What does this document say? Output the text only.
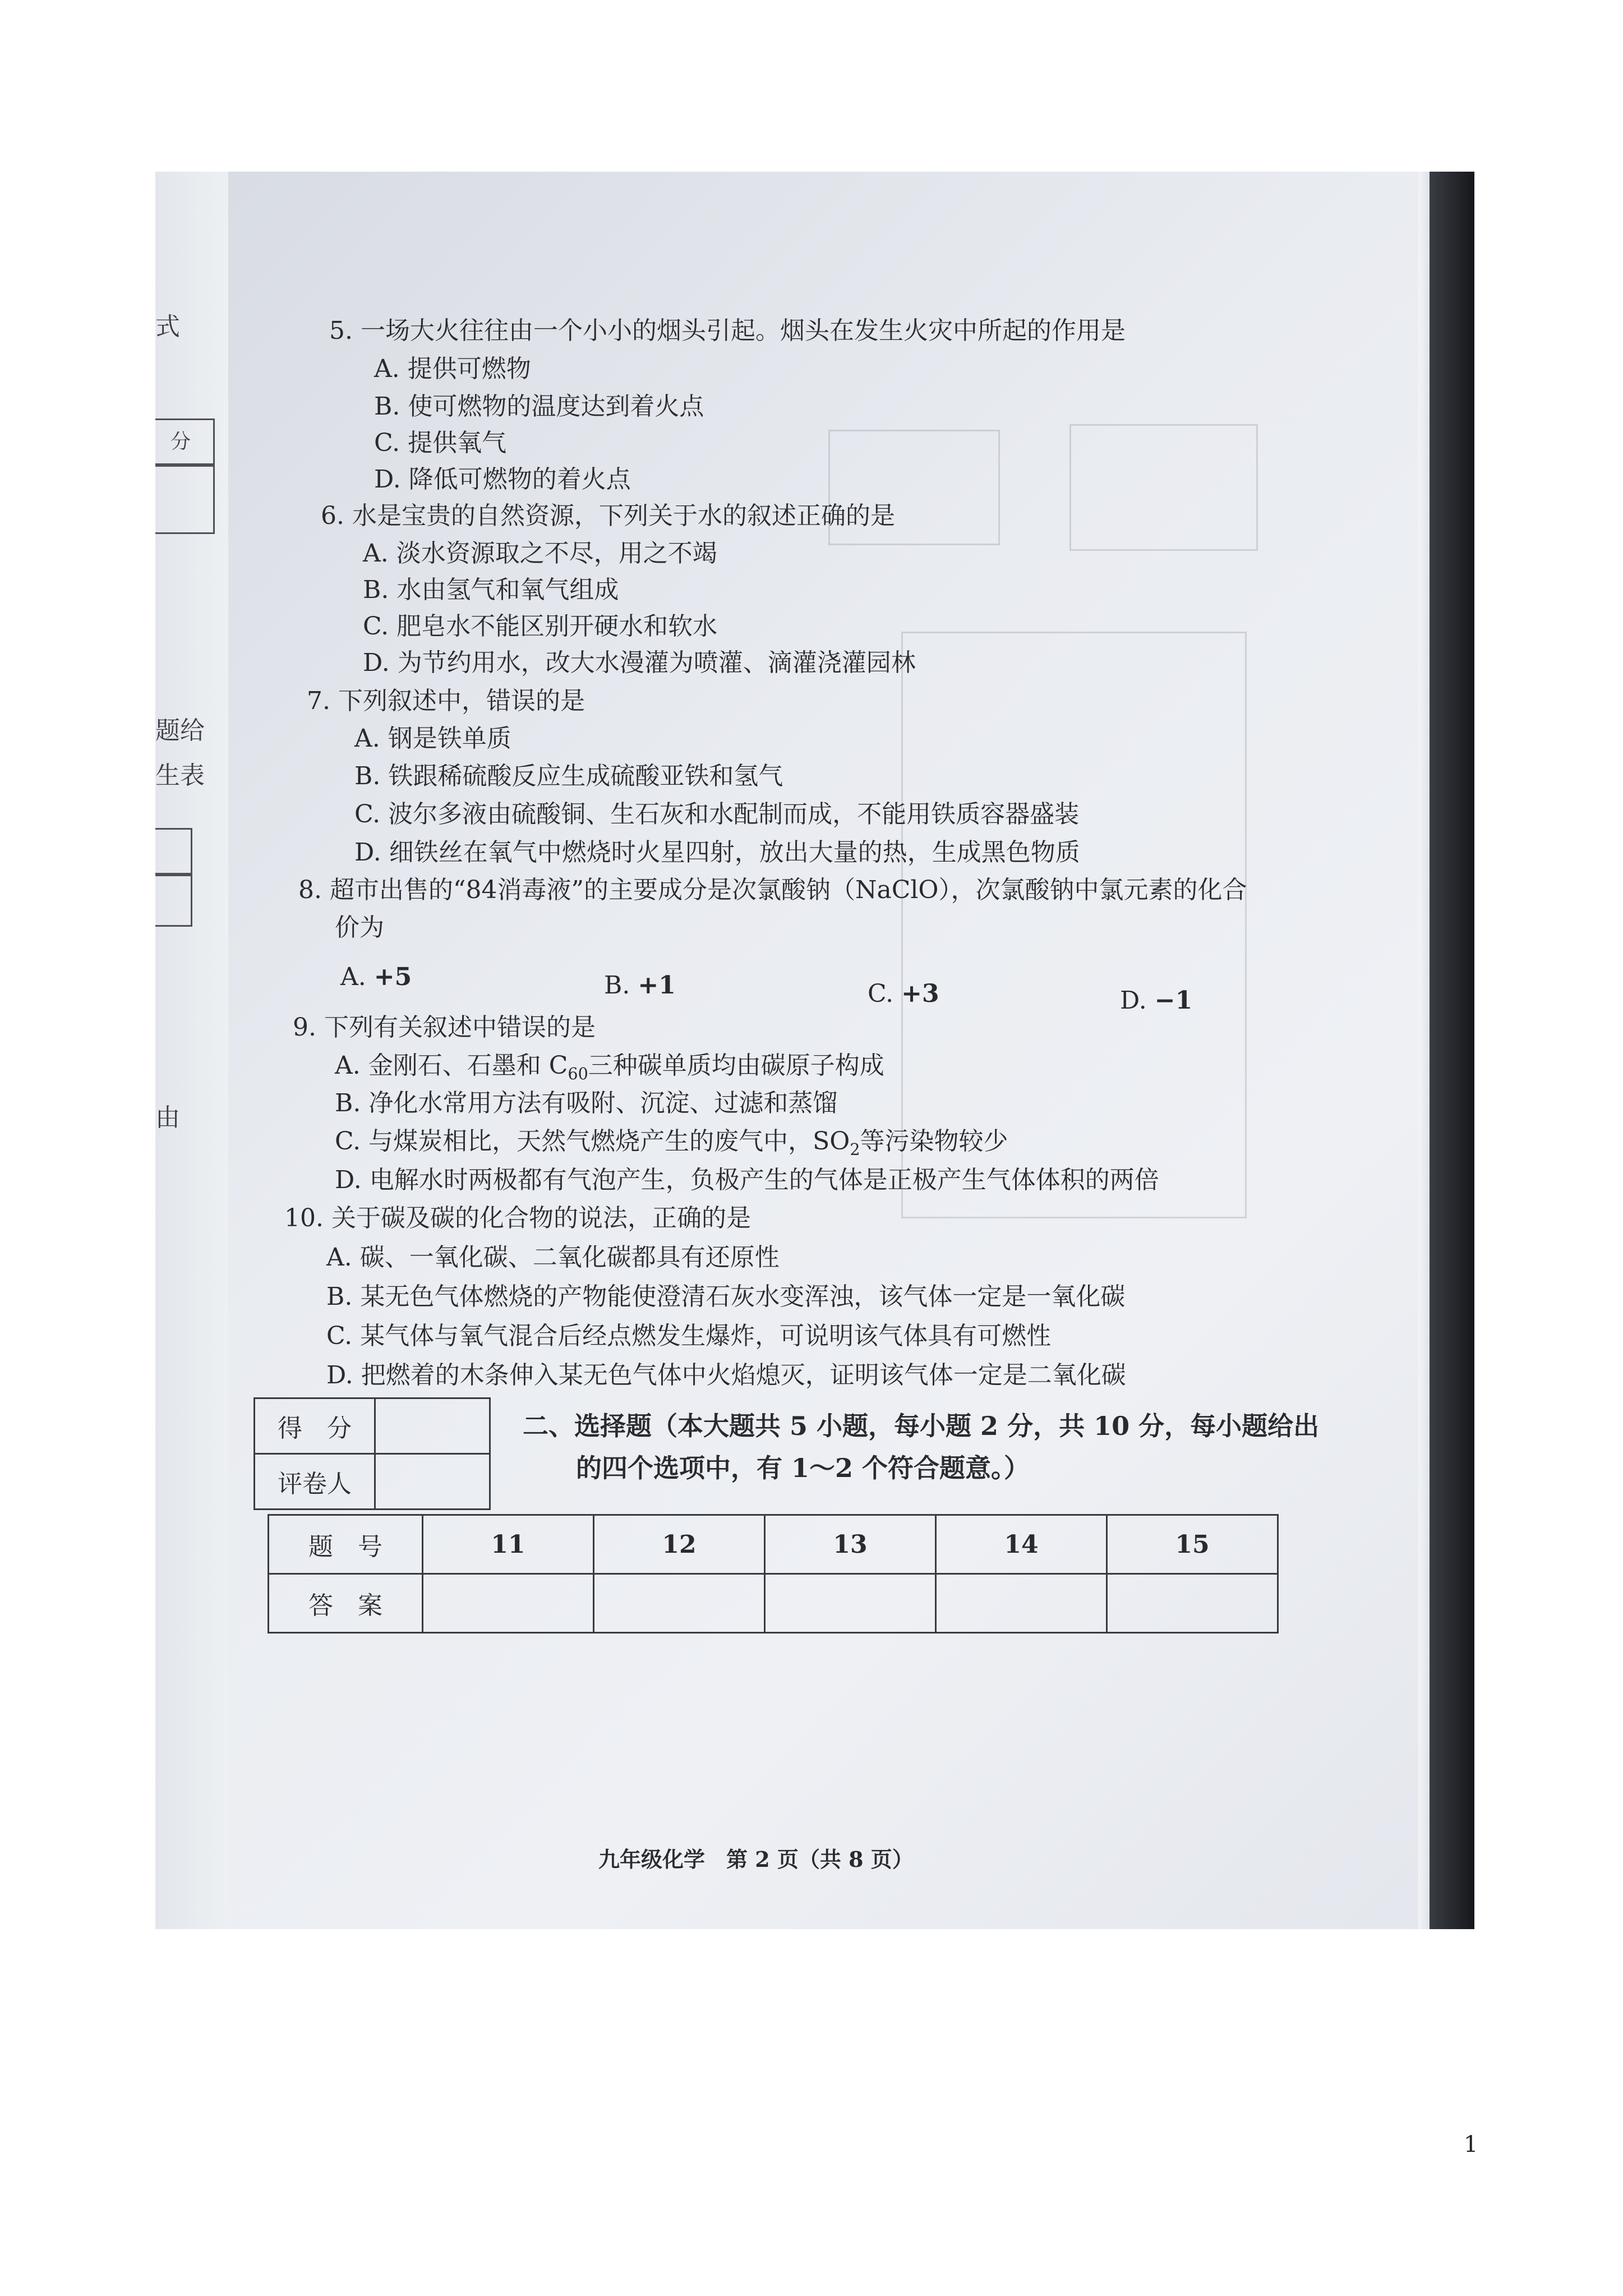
式
分
题给
生表
由
5. 一场大火往往由一个小小的烟头引起。烟头在发生火灾中所起的作用是
A. 提供可燃物
B. 使可燃物的温度达到着火点
C. 提供氧气
D. 降低可燃物的着火点
6. 水是宝贵的自然资源，下列关于水的叙述正确的是
A. 淡水资源取之不尽，用之不竭
B. 水由氢气和氧气组成
C. 肥皂水不能区别开硬水和软水
D. 为节约用水，改大水漫灌为喷灌、滴灌浇灌园林
7. 下列叙述中，错误的是
A. 钢是铁单质
B. 铁跟稀硫酸反应生成硫酸亚铁和氢气
C. 波尔多液由硫酸铜、生石灰和水配制而成，不能用铁质容器盛装
D. 细铁丝在氧气中燃烧时火星四射，放出大量的热，生成黑色物质
8. 超市出售的“84消毒液”的主要成分是次氯酸钠（NaClO），次氯酸钠中氯元素的化合
价为
A. +5	B. +1	C. +3	D. −1
9. 下列有关叙述中错误的是
A. 金刚石、石墨和 $C_{60}$三种碳单质均由碳原子构成
B. 净化水常用方法有吸附、沉淀、过滤和蒸馏
C. 与煤炭相比，天然气燃烧产生的废气中，$SO_2$等污染物较少
D. 电解水时两极都有气泡产生，负极产生的气体是正极产生气体体积的两倍
10. 关于碳及碳的化合物的说法，正确的是
A. 碳、一氧化碳、二氧化碳都具有还原性
B. 某无色气体燃烧的产物能使澄清石灰水变浑浊，该气体一定是一氧化碳
C. 某气体与氧气混合后经点燃发生爆炸，可说明该气体具有可燃性
D. 把燃着的木条伸入某无色气体中火焰熄灭，证明该气体一定是二氧化碳
得　分	
评卷人	
二、选择题（本大题共 5 小题，每小题 2 分，共 10 分，每小题给出
的四个选项中，有 1～2 个符合题意。）
题　号	11	12	13	14	15
答　案					
九年级化学　第 2 页（共 8 页）
1
